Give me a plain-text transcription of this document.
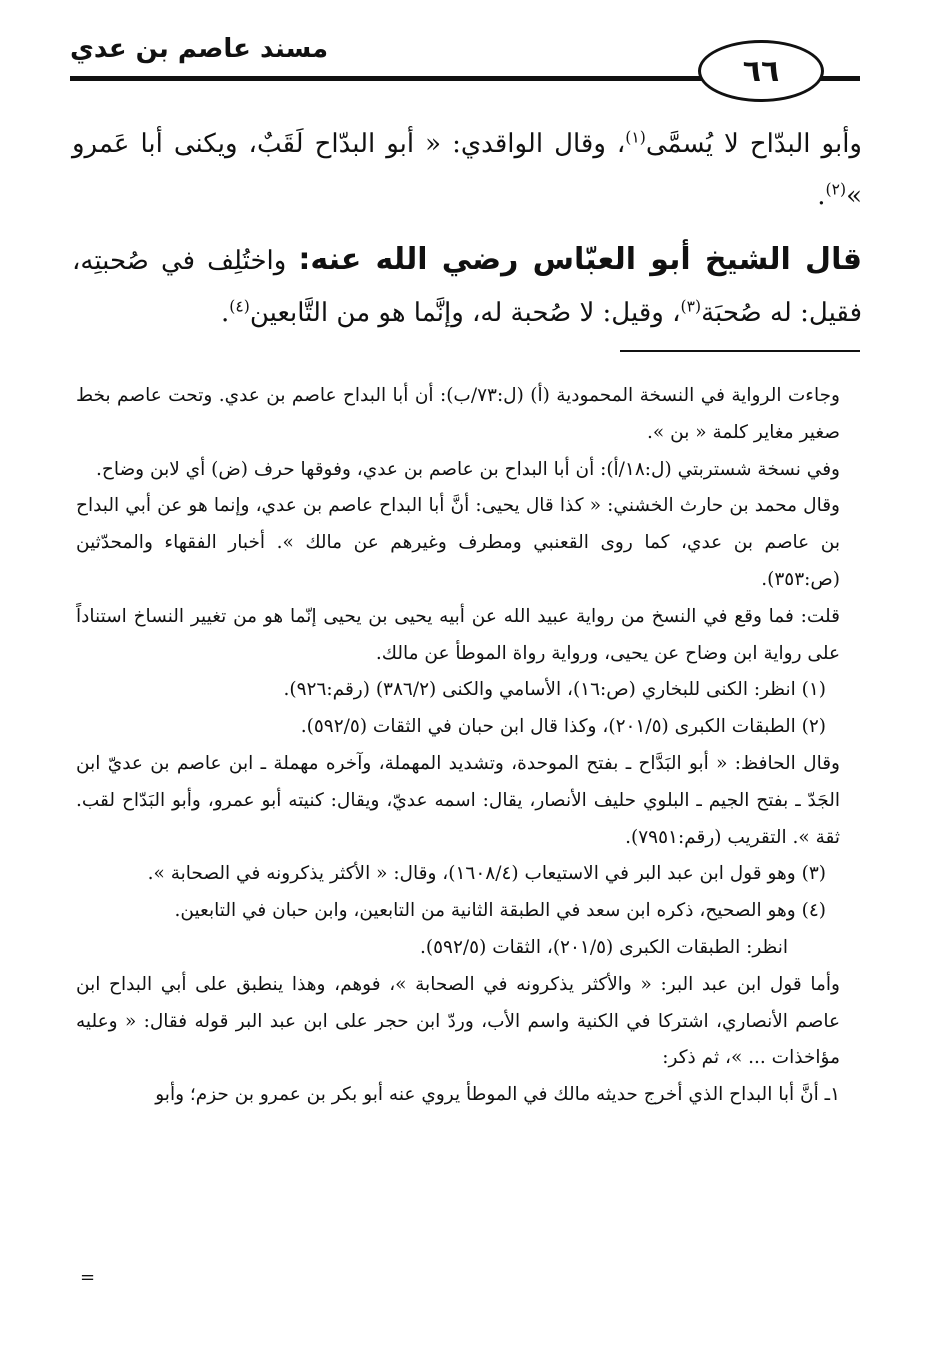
مسند عاصم بن عدي
٦٦

وأبو البدّاح لا يُسمَّى$^{(١)}$، وقال الواقدي: « أبو البدّاح لَقَبٌ، ويكنى أبا عَمرو »$^{(٢)}$.

قال الشيخ أبو العبّاس رضي الله عنه: واختُلِف في صُحبتِه، فقيل: له صُحبَة$^{(٣)}$، وقيل: لا صُحبة له، وإنَّما هو من التَّابعين$^{(٤)}$.

وجاءت الرواية في النسخة المحمودية (أ) (ل:٧٣/ب): أن أبا البداح عاصم بن عدي. وتحت عاصم بخط صغير مغاير كلمة « بن ».

وفي نسخة شستربتي (ل:١٨/أ): أن أبا البداح بن عاصم بن عدي، وفوقها حرف (ض) أي لابن وضاح.

وقال محمد بن حارث الخشني: « كذا قال يحيى: أنَّ أبا البداح عاصم بن عدي، وإنما هو عن أبي البداح بن عاصم بن عدي، كما روى القعنبي ومطرف وغيرهم عن مالك ». أخبار الفقهاء والمحدّثين (ص:٣٥٣).

قلت: فما وقع في النسخ من رواية عبيد الله عن أبيه يحيى بن يحيى إنّما هو من تغيير النساخ استناداً على رواية ابن وضاح عن يحيى، ورواية رواة الموطأ عن مالك.

(١) انظر: الكنى للبخاري (ص:١٦)، الأسامي والكنى (٣٨٦/٢) (رقم:٩٢٦).

(٢) الطبقات الكبرى (٢٠١/٥)، وكذا قال ابن حبان في الثقات (٥٩٢/٥).

وقال الحافظ: « أبو البَدَّاح ـ بفتح الموحدة، وتشديد المهملة، وآخره مهملة ـ ابن عاصم بن عديّ ابن الجَدّ ـ بفتح الجيم ـ البلوي حليف الأنصار، يقال: اسمه عديّ، ويقال: كنيته أبو عمرو، وأبو البَدّاح لقب. ثقة ». التقريب (رقم:٧٩٥١).

(٣) وهو قول ابن عبد البر في الاستيعاب (١٦٠٨/٤)، وقال: « الأكثر يذكرونه في الصحابة ».

(٤) وهو الصحيح، ذكره ابن سعد في الطبقة الثانية من التابعين، وابن حبان في التابعين.

انظر: الطبقات الكبرى (٢٠١/٥)، الثقات (٥٩٢/٥).

وأما قول ابن عبد البر: « والأكثر يذكرونه في الصحابة »، فوهم، وهذا ينطبق على أبي البداح ابن عاصم الأنصاري، اشتركا في الكنية واسم الأب، وردّ ابن حجر على ابن عبد البر قوله فقال: « وعليه مؤاخذات ... »، ثم ذكر:

١ـ أنَّ أبا البداح الذي أخرج حديثه مالك في الموطأ يروي عنه أبو بكر بن عمرو بن حزم؛ وأبو

=
